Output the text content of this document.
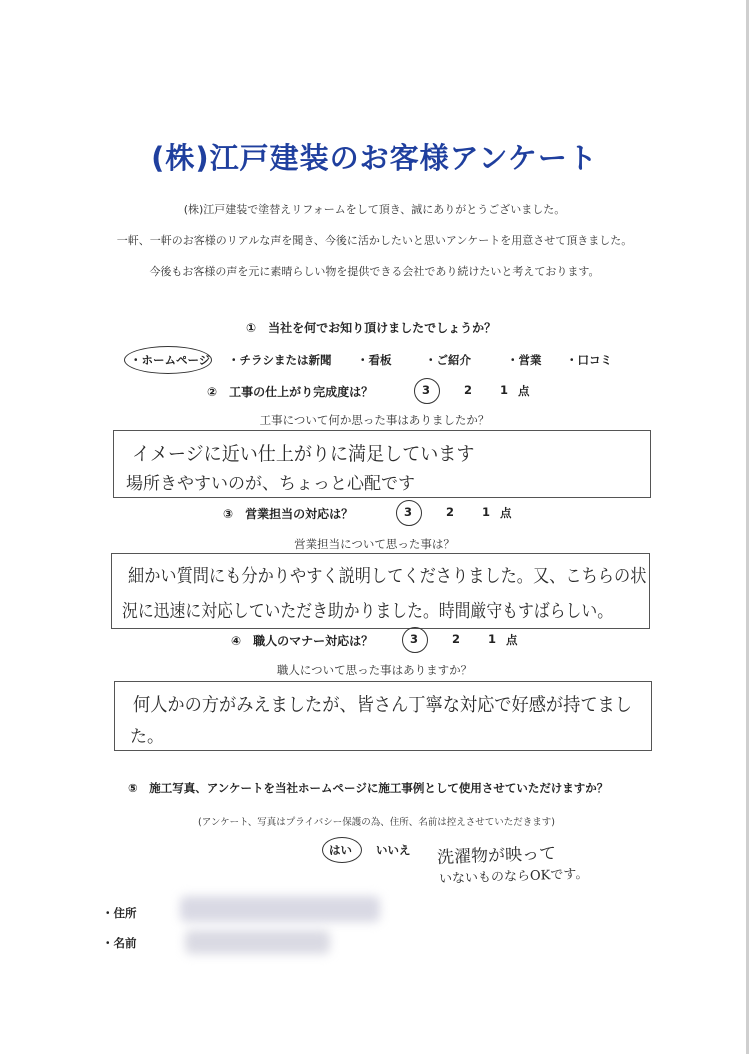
(株)江戸建装のお客様アンケート
(株)江戸建装で塗替えリフォームをして頂き、誠にありがとうございました。
一軒、一軒のお客様のリアルな声を聞き、今後に活かしたいと思いアンケートを用意させて頂きました。
今後もお客様の声を元に素晴らしい物を提供できる会社であり続けたいと考えております。
①　当社を何でお知り頂けましたでしょうか？
・ホームページ ・チラシまたは新聞 ・看板	・ご紹介	・営業 ・口コミ
②　工事の仕上がり完成度は？	3	2 1 点
工事について何か思った事はありましたか？
イメージに近い仕上がりに満足しています
場所きやすいのが、ちょっと心配です
③　営業担当の対応は？	3	2 1 点
営業担当について思った事は？
細かい質問にも分かりやすく説明してくださりました。又、こちらの状
況に迅速に対応していただき助かりました。時間厳守もすばらしい。
④　職人のマナー対応は？	3	2 1 点
職人について思った事はありますか？
何人かの方がみえましたが、皆さん丁寧な対応で好感が持てまし
た。
⑤　施工写真、アンケートを当社ホームページに施工事例として使用させていただけますか？
(アンケート、写真はプライバシー保護の為、住所、名前は控えさせていただきます)
はい いいえ 洗濯物が映って
いないものならOKです。
・住所
・名前
